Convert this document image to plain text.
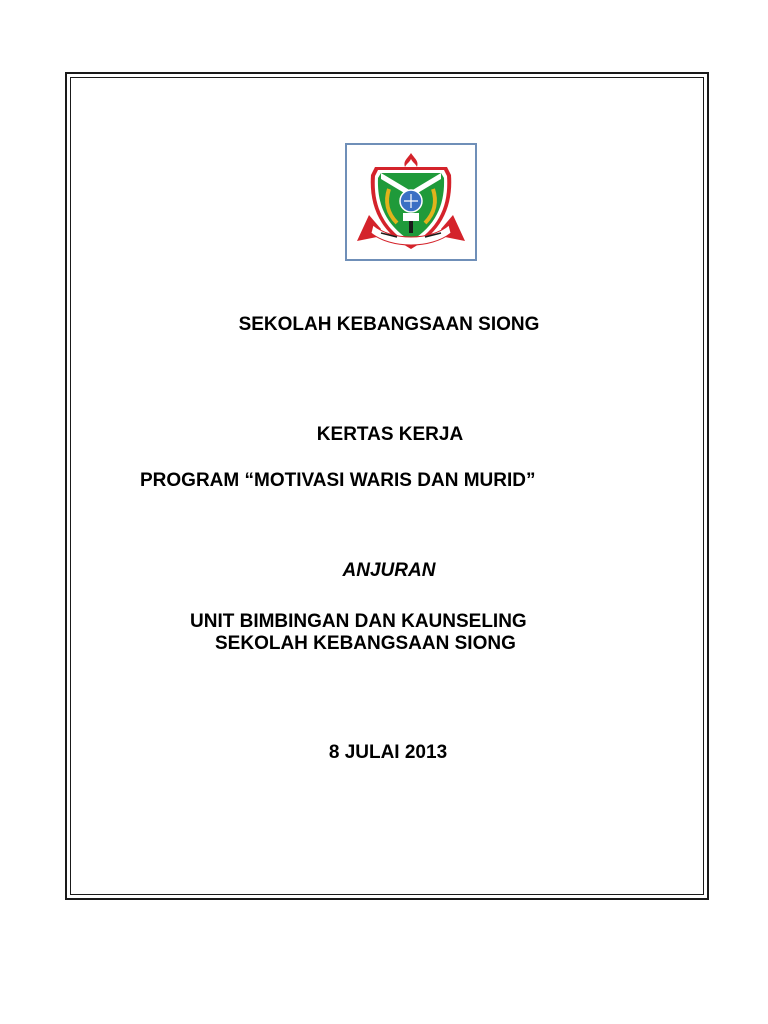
SEKOLAH KEBANGSAAN SIONG
KERTAS KERJA
PROGRAM “MOTIVASI WARIS DAN MURID”
ANJURAN
UNIT BIMBINGAN DAN KAUNSELING
SEKOLAH KEBANGSAAN SIONG
8 JULAI 2013
